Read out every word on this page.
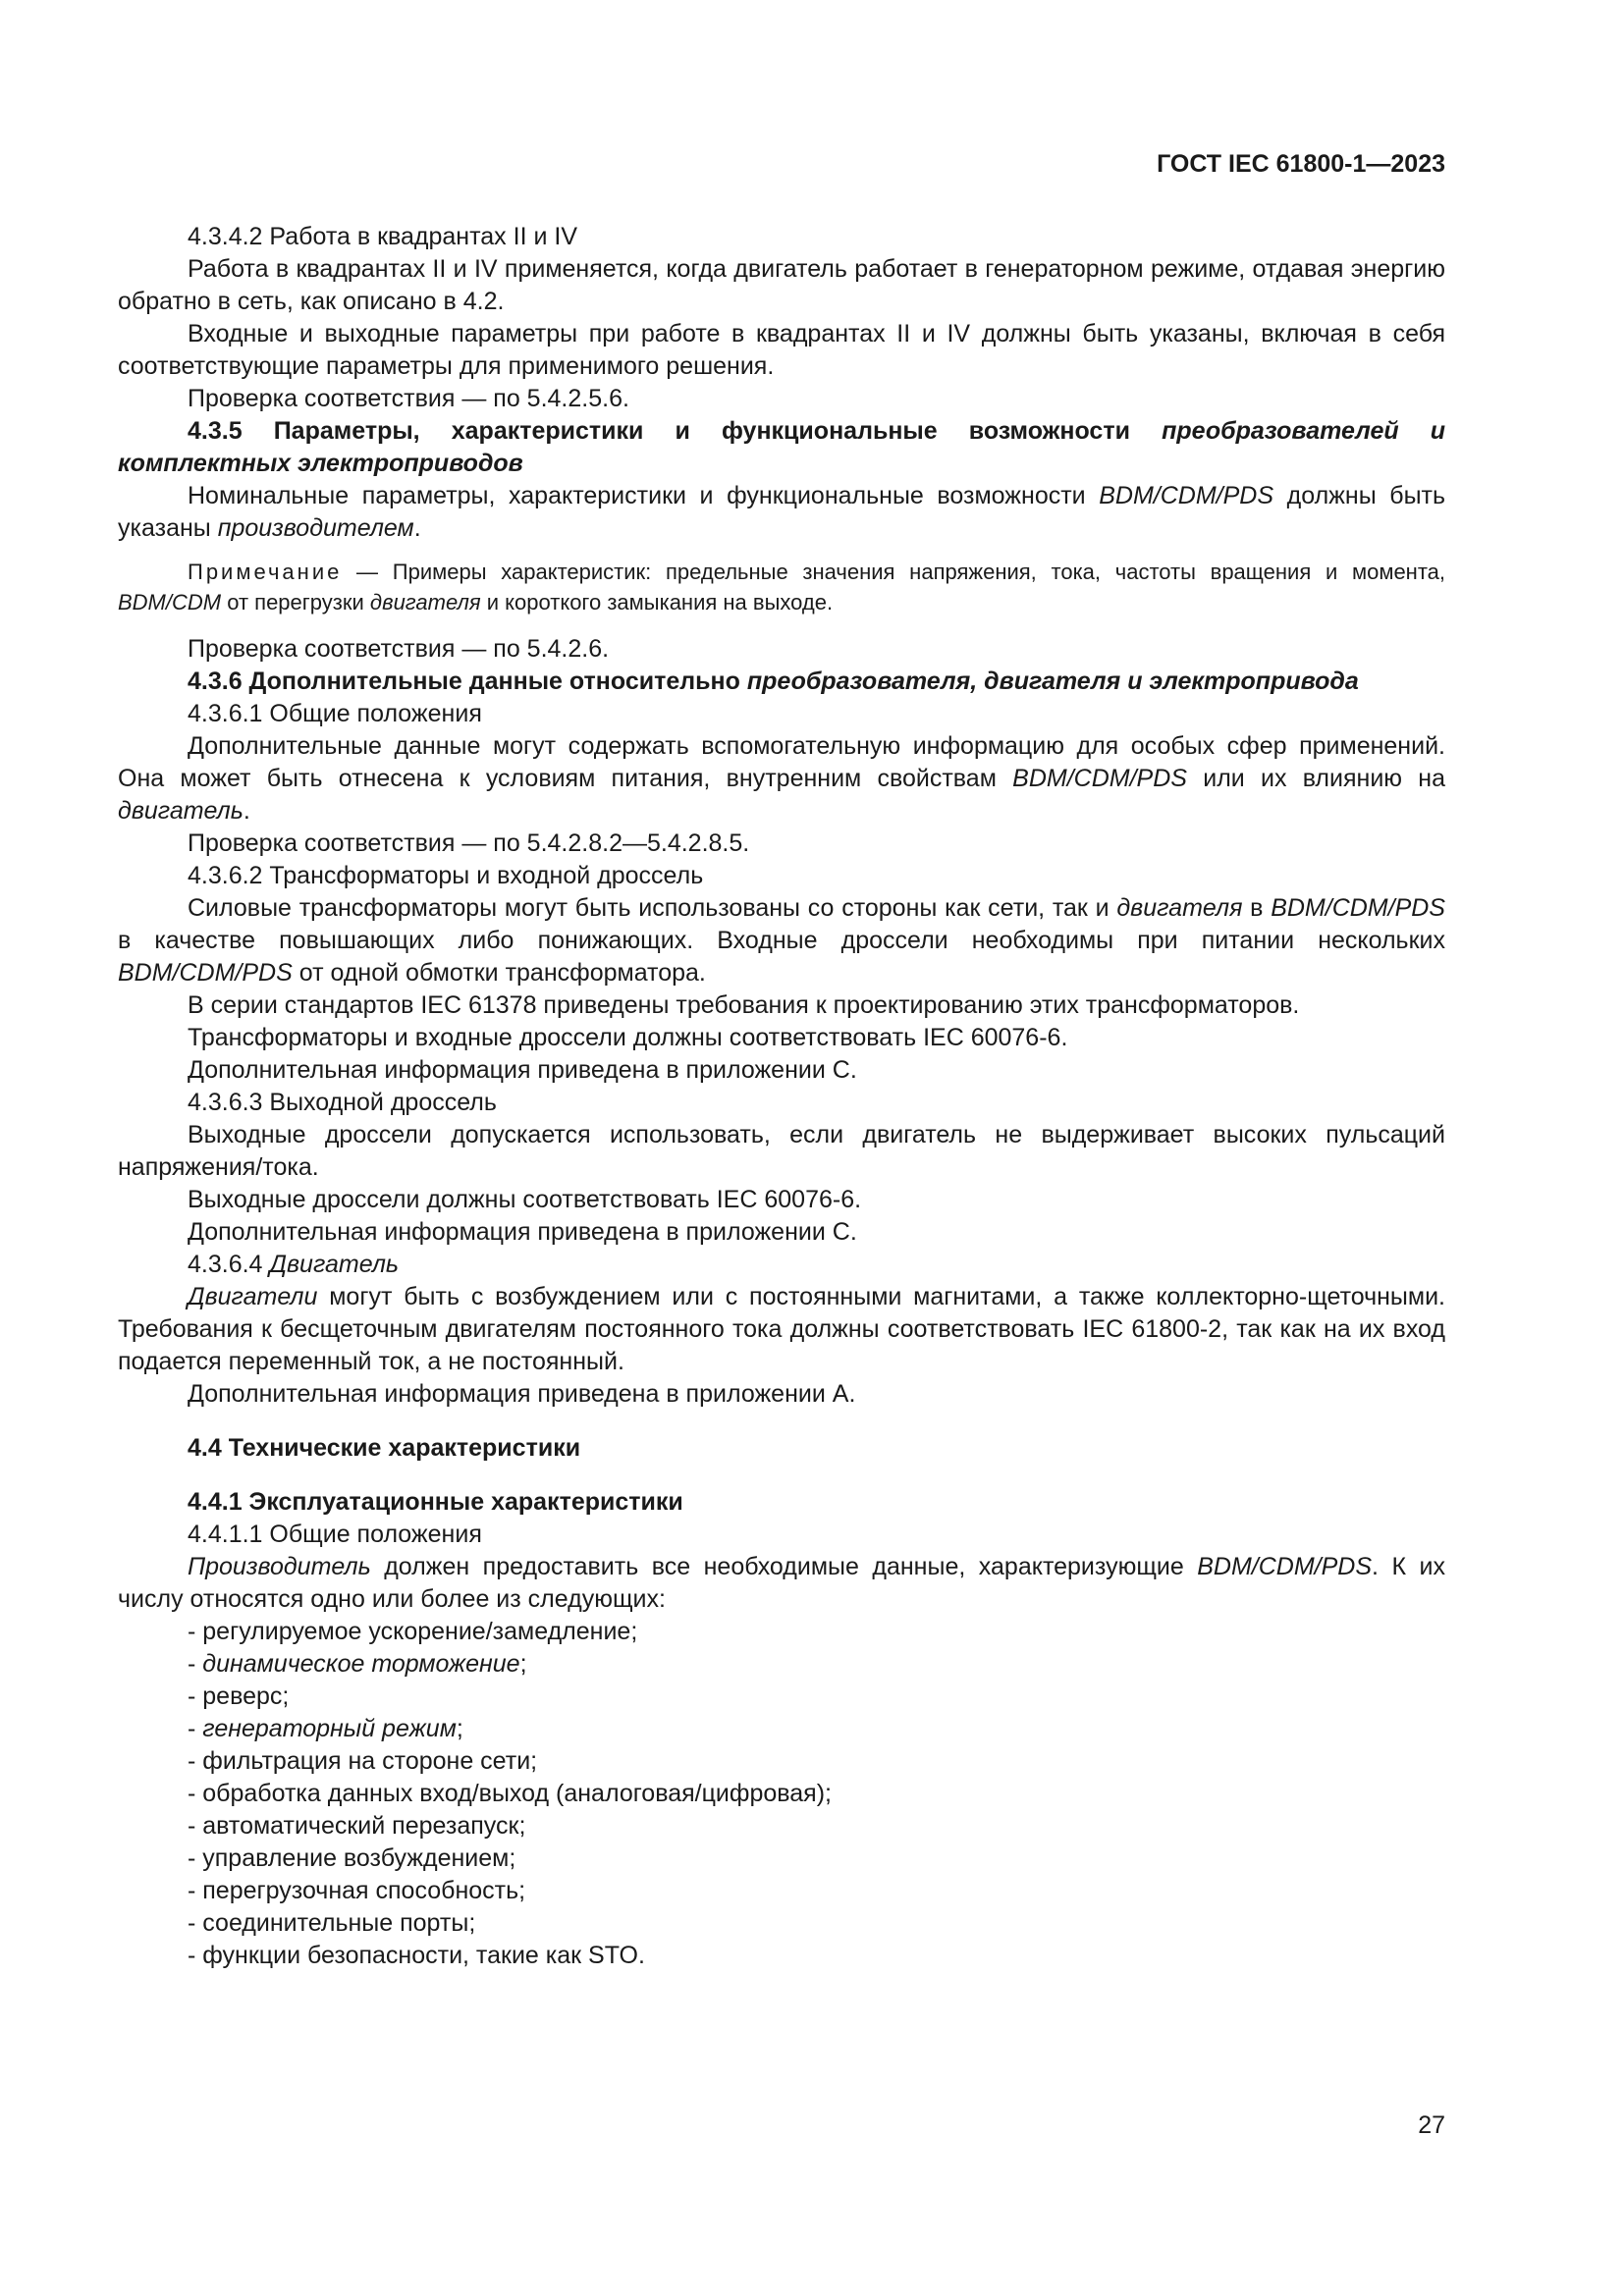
ГОСТ IEC 61800-1—2023

4.3.4.2 Работа в квадрантах II и IV

Работа в квадрантах II и IV применяется, когда двигатель работает в генераторном режиме, отдавая энергию обратно в сеть, как описано в 4.2.

Входные и выходные параметры при работе в квадрантах II и IV должны быть указаны, включая в себя соответствующие параметры для применимого решения.

Проверка соответствия — по 5.4.2.5.6.

4.3.5 Параметры, характеристики и функциональные возможности преобразователей и комплектных электроприводов

Номинальные параметры, характеристики и функциональные возможности BDM/CDM/PDS должны быть указаны производителем.

Примечание — Примеры характеристик: предельные значения напряжения, тока, частоты вращения и момента, BDM/CDM от перегрузки двигателя и короткого замыкания на выходе.

Проверка соответствия — по 5.4.2.6.

4.3.6 Дополнительные данные относительно преобразователя, двигателя и электропривода

4.3.6.1 Общие положения

Дополнительные данные могут содержать вспомогательную информацию для особых сфер применений. Она может быть отнесена к условиям питания, внутренним свойствам BDM/CDM/PDS или их влиянию на двигатель.

Проверка соответствия — по 5.4.2.8.2—5.4.2.8.5.

4.3.6.2 Трансформаторы и входной дроссель

Силовые трансформаторы могут быть использованы со стороны как сети, так и двигателя в BDM/CDM/PDS в качестве повышающих либо понижающих. Входные дроссели необходимы при питании нескольких BDM/CDM/PDS от одной обмотки трансформатора.

В серии стандартов IEC 61378 приведены требования к проектированию этих трансформаторов.

Трансформаторы и входные дроссели должны соответствовать IEC 60076-6.

Дополнительная информация приведена в приложении С.

4.3.6.3 Выходной дроссель

Выходные дроссели допускается использовать, если двигатель не выдерживает высоких пульсаций напряжения/тока.

Выходные дроссели должны соответствовать IEC 60076-6.

Дополнительная информация приведена в приложении С.

4.3.6.4 Двигатель

Двигатели могут быть с возбуждением или с постоянными магнитами, а также коллекторно-щеточными. Требования к бесщеточным двигателям постоянного тока должны соответствовать IEC 61800-2, так как на их вход подается переменный ток, а не постоянный.

Дополнительная информация приведена в приложении А.

4.4 Технические характеристики

4.4.1 Эксплуатационные характеристики

4.4.1.1 Общие положения

Производитель должен предоставить все необходимые данные, характеризующие BDM/CDM/PDS. К их числу относятся одно или более из следующих:

- регулируемое ускорение/замедление;

- динамическое торможение;

- реверс;

- генераторный режим;

- фильтрация на стороне сети;

- обработка данных вход/выход (аналоговая/цифровая);

- автоматический перезапуск;

- управление возбуждением;

- перегрузочная способность;

- соединительные порты;

- функции безопасности, такие как STO.

27
